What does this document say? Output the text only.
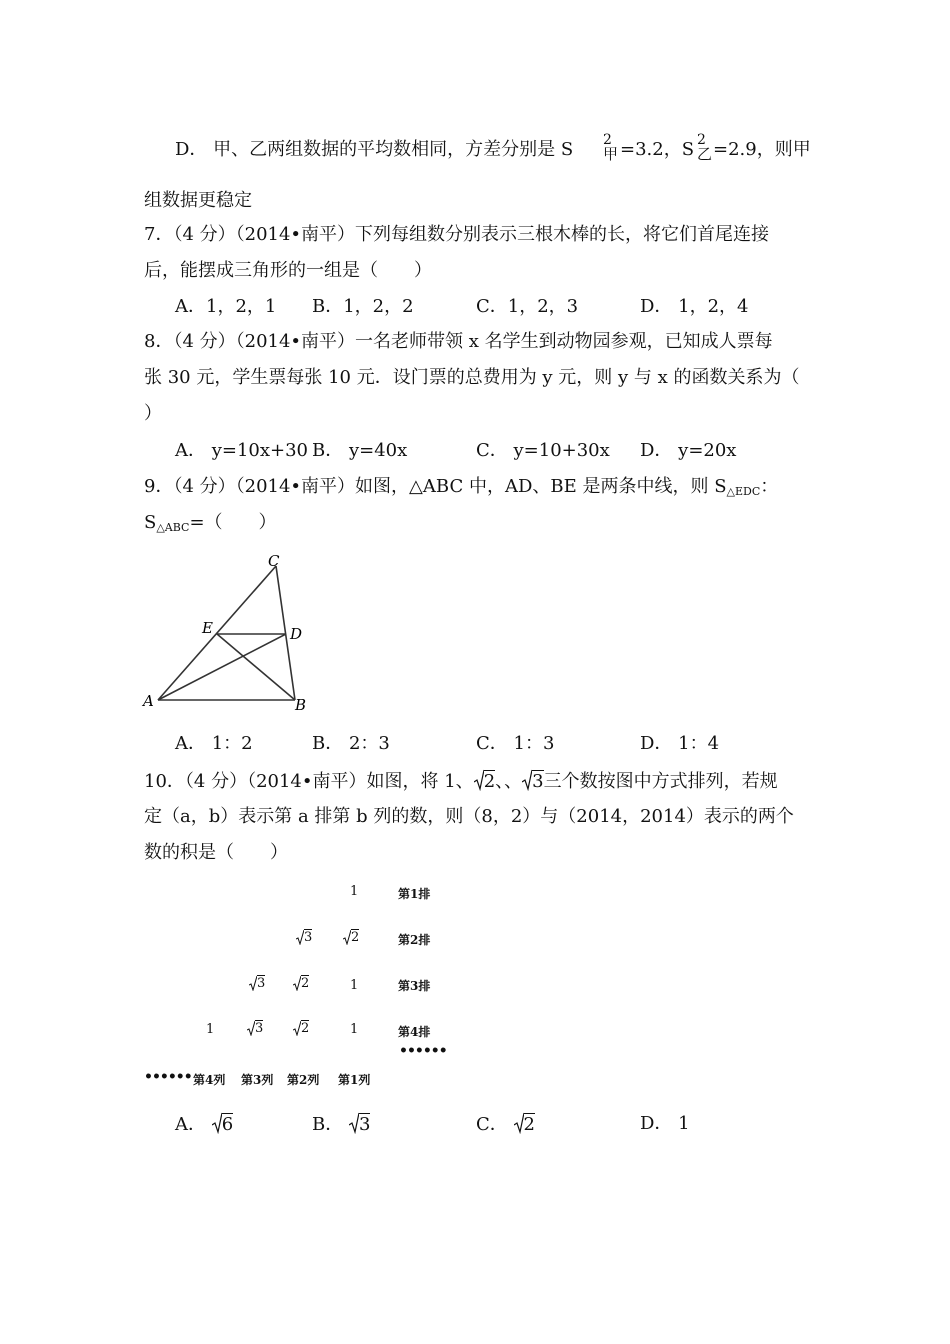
D． 甲、乙两组数据的平均数相同，方差分别是 S 2
甲 =3.2，S 2
乙 =2.9，则甲
组数据更稳定
7．（4 分）（2014•南平）下列每组数分别表示三根木棒的长，将它们首尾连接
后，能摆成三角形的一组是（　　）
A．1，2，1 B．1，2，2	C．1，2，3	D． 1，2，4
8．（4 分）（2014•南平）一名老师带领 x 名学生到动物园参观，已知成人票每
张 30 元，学生票每张 10 元．设门票的总费用为 y 元，则 y 与 x 的函数关系为（
）
A． y=10x+30 B． y=40x	C． y=10+30x D． y=20x
9．（4 分）（2014•南平）如图，△ABC 中，AD、BE 是两条中线，则 $S_{\triangle EDC}$：
$S_{\triangle ABC}=$（　　）
C
E	D
A	B
A． 1：2	B． 2：3	C． 1：3	D． 1：4
10．（4 分）（2014•南平）如图，将 1、 2、、 3三个数按图中方式排列，若规
定（a，b）表示第 a 排第 b 列的数，则（8，2）与（2014，2014）表示的两个
数的积是（　　）
1
3	2
3	2	1
1	3	2	1
第1排
第2排
第3排
第4排
••••••
•••••• 第4列 第3列 第2列 第1列
A． 6	B． 3	C． 2	D． 1
